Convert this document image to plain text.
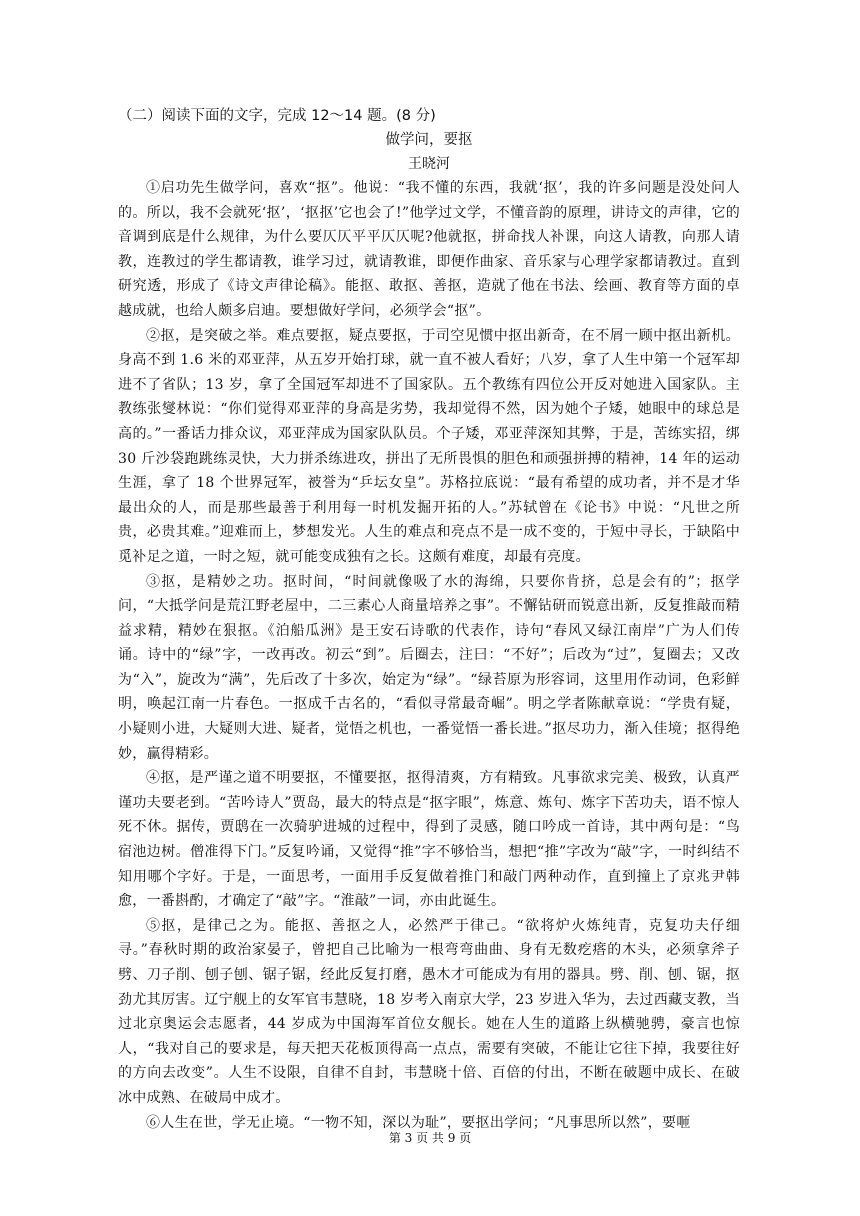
（二）阅读下面的文字，完成 12～14 题。(8 分)

做学问，要抠

王晓河

①启功先生做学问，喜欢“抠”。他说：“我不懂的东西，我就‘抠’，我的许多问题是没处问人的。所以，我不会就死‘抠’，‘抠抠’它也会了!”他学过文学，不懂音韵的原理，讲诗文的声律，它的音调到底是什么规律，为什么要仄仄平平仄仄呢?他就抠，拼命找人补课，向这人请教，向那人请教，连教过的学生都请教，谁学习过，就请教谁，即便作曲家、音乐家与心理学家都请教过。直到研究透，形成了《诗文声律论稿》。能抠、敢抠、善抠，造就了他在书法、绘画、教育等方面的卓越成就，也给人颇多启迪。要想做好学问，必须学会“抠”。

②抠，是突破之举。难点要抠，疑点要抠，于司空见惯中抠出新奇，在不屑一顾中抠出新机。身高不到 1.6 米的邓亚萍，从五岁开始打球，就一直不被人看好；八岁，拿了人生中第一个冠军却进不了省队；13 岁，拿了全国冠军却进不了国家队。五个教练有四位公开反对她进入国家队。主教练张燮林说：“你们觉得邓亚萍的身高是劣势，我却觉得不然，因为她个子矮，她眼中的球总是高的。”一番话力排众议，邓亚萍成为国家队队员。个子矮，邓亚萍深知其弊，于是，苦练实招，绑 30 斤沙袋跑跳练灵快，大力拼杀练进攻，拼出了无所畏惧的胆色和顽强拼搏的精神，14 年的运动生涯，拿了 18 个世界冠军，被誉为“乒坛女皇”。苏格拉底说：“最有希望的成功者，并不是才华最出众的人，而是那些最善于利用每一时机发掘开拓的人。”苏轼曾在《论书》中说：“凡世之所贵，必贵其难。”迎难而上，梦想发光。人生的难点和亮点不是一成不变的，于短中寻长，于缺陷中觅补足之道，一时之短，就可能变成独有之长。这颇有难度，却最有亮度。

③抠，是精妙之功。抠时间，“时间就像吸了水的海绵，只要你肯挤，总是会有的”；抠学问，“大抵学问是荒江野老屋中，二三素心人商量培养之事”。不懈钻研而锐意出新，反复推敲而精益求精，精妙在狠抠。《泊船瓜洲》是王安石诗歌的代表作，诗句“春风又绿江南岸”广为人们传诵。诗中的“绿”字，一改再改。初云“到”。后圈去，注曰：“不好”；后改为“过”，复圈去；又改为“入”，旋改为“满”，先后改了十多次，始定为“绿”。“绿苔原为形容词，这里用作动词，色彩鲜明，唤起江南一片春色。一抠成千古名的，“看似寻常最奇崛”。明之学者陈献章说：“学贵有疑，小疑则小进，大疑则大进、疑者，觉悟之机也，一番觉悟一番长进。”抠尽功力，渐入佳境；抠得绝妙，赢得精彩。

④抠，是严谨之道不明要抠，不懂要抠，抠得清爽，方有精致。凡事欲求完美、极致，认真严谨功夫要老到。“苦吟诗人”贾岛，最大的特点是“抠字眼”，炼意、炼句、炼字下苦功夫，语不惊人死不休。据传，贾鸱在一次骑驴进城的过程中，得到了灵感，随口吟成一首诗，其中两句是：“鸟宿池边树。僧准得下门。”反复吟诵，又觉得“推”字不够恰当，想把“推”字改为“敲”字，一时纠结不知用哪个字好。于是，一面思考，一面用手反复做着推门和敲门两种动作，直到撞上了京兆尹韩愈，一番斟酌，才确定了“敲”字。“淮敲”一词，亦由此诞生。

⑤抠，是律己之为。能抠、善抠之人，必然严于律己。“欲将炉火炼纯青，克复功夫仔细寻。”春秋时期的政治家晏子，曾把自己比喻为一根弯弯曲曲、身有无数疙瘩的木头，必须拿斧子劈、刀子削、刨子刨、锯子锯，经此反复打磨，愚木才可能成为有用的器具。劈、削、刨、锯，抠劲尤其厉害。辽宁舰上的女军官韦慧晓，18 岁考入南京大学，23 岁进入华为，去过西藏支教，当过北京奥运会志愿者，44 岁成为中国海军首位女舰长。她在人生的道路上纵横驰骋，豪言也惊人，“我对自己的要求是，每天把天花板顶得高一点点，需要有突破，不能让它往下掉，我要往好的方向去改变”。人生不设限，自律不自封，韦慧晓十倍、百倍的付出，不断在破题中成长、在破冰中成熟、在破局中成才。

⑥人生在世，学无止境。“一物不知，深以为耻”，要抠出学问；“凡事思所以然”，要咂

第 3 页 共 9 页
